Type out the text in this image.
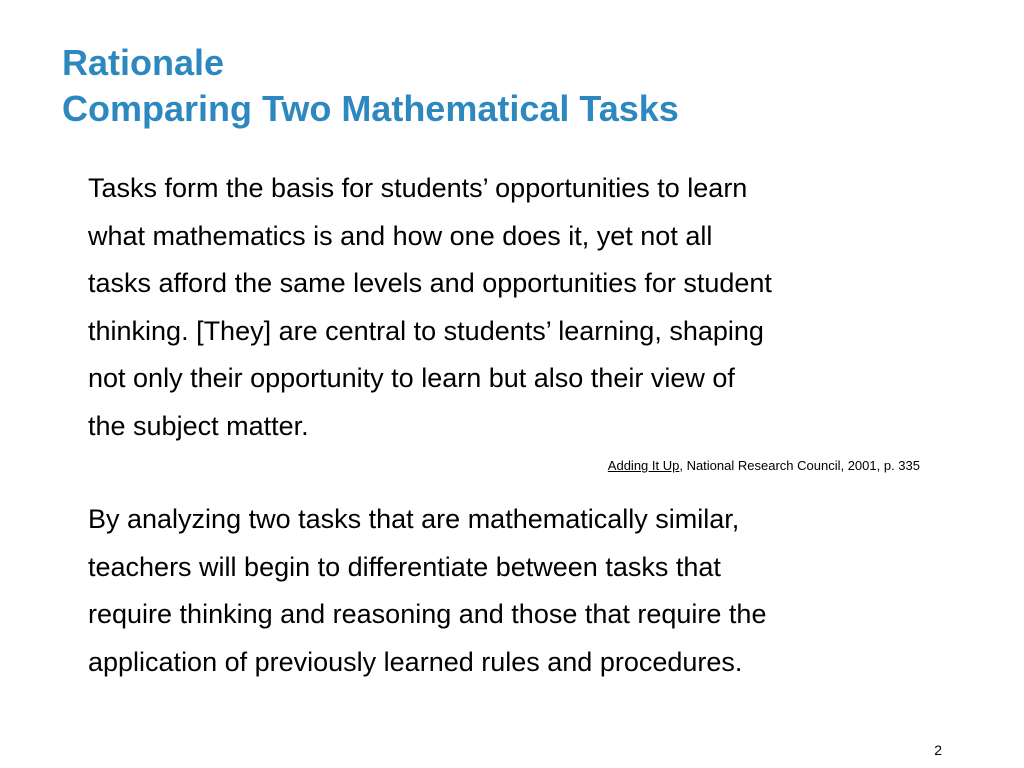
Rationale
Comparing Two Mathematical Tasks
Tasks form the basis for students’ opportunities to learn
what mathematics is and how one does it, yet not all
tasks afford the same levels and opportunities for student
thinking. [They] are central to students’ learning, shaping
not only their opportunity to learn but also their view of
the subject matter.
Adding It Up, National Research Council, 2001, p. 335
By analyzing two tasks that are mathematically similar,
teachers will begin to differentiate between tasks that
require thinking and reasoning and those that require the
application of previously learned rules and procedures.
2
